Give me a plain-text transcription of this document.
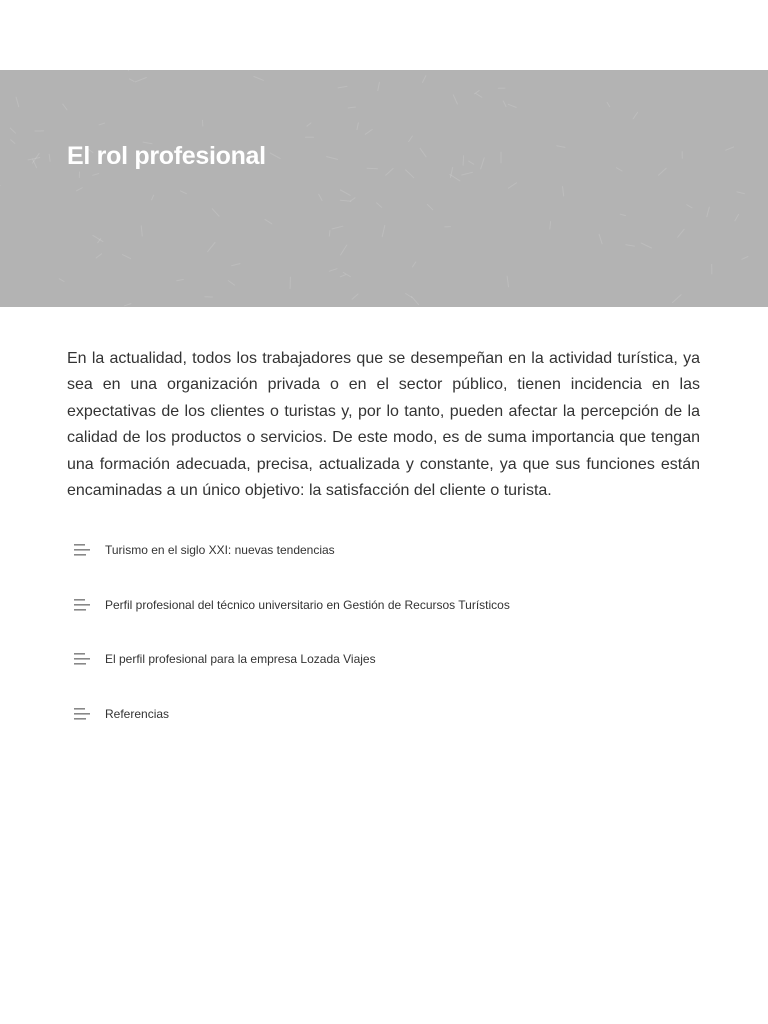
El rol profesional

En la actualidad, todos los trabajadores que se desempeñan en la actividad turística, ya sea en una organización privada o en el sector público, tienen incidencia en las expectativas de los clientes o turistas y, por lo tanto, pueden afectar la percepción de la calidad de los productos o servicios. De este modo, es de suma importancia que tengan una formación adecuada, precisa, actualizada y constante, ya que sus funciones están encaminadas a un único objetivo: la satisfacción del cliente o turista.

Turismo en el siglo XXI: nuevas tendencias
Perfil profesional del técnico universitario en Gestión de Recursos Turísticos
El perfil profesional para la empresa Lozada Viajes
Referencias
